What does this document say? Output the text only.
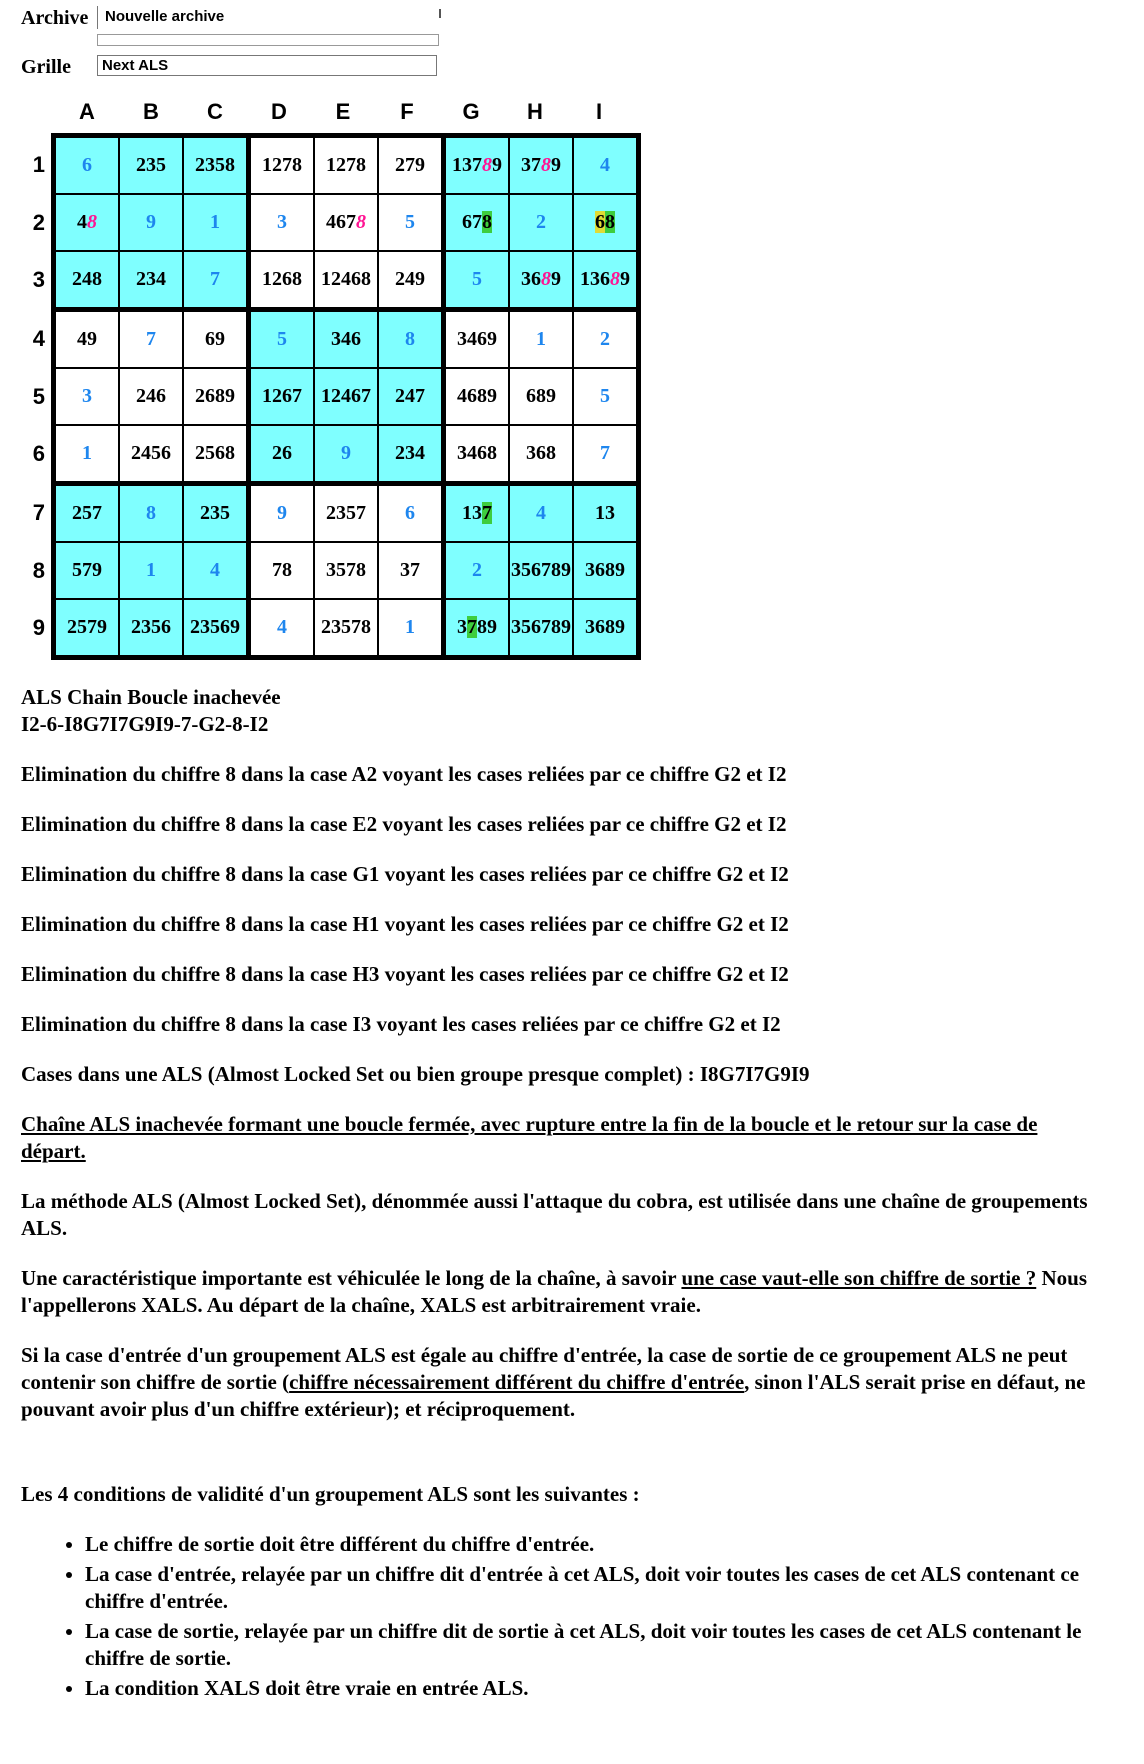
Archive	Nouvelle archive
Grille
Next ALS
A	B	C	D	E	F	G	H	I
1	6	235	2358	1278	1278	279	13789	3789	4
2	48	9	1	3	4678	5	678	2	68
3	248	234	7	1268	12468	249	5	3689	13689
4	49	7	69	5	346	8	3469	1	2
5	3	246	2689	1267	12467	247	4689	689	5
6	1	2456	2568	26	9	234	3468	368	7
7	257	8	235	9	2357	6	137	4	13
8	579	1	4	78	3578	37	2	356789	3689
9	2579	2356	23569	4	23578	1	3789	356789	3689
ALS Chain Boucle inachevée
I2-6-I8G7I7G9I9-7-G2-8-I2

Elimination du chiffre 8 dans la case A2 voyant les cases reliées par ce chiffre G2 et I2

Elimination du chiffre 8 dans la case E2 voyant les cases reliées par ce chiffre G2 et I2

Elimination du chiffre 8 dans la case G1 voyant les cases reliées par ce chiffre G2 et I2

Elimination du chiffre 8 dans la case H1 voyant les cases reliées par ce chiffre G2 et I2

Elimination du chiffre 8 dans la case H3 voyant les cases reliées par ce chiffre G2 et I2

Elimination du chiffre 8 dans la case I3 voyant les cases reliées par ce chiffre G2 et I2

Cases dans une ALS (Almost Locked Set ou bien groupe presque complet) : I8G7I7G9I9

Chaîne ALS inachevée formant une boucle fermée, avec rupture entre la fin de la boucle et le retour sur la case de départ.

La méthode ALS (Almost Locked Set), dénommée aussi l'attaque du cobra, est utilisée dans une chaîne de groupements ALS.

Une caractéristique importante est véhiculée le long de la chaîne, à savoir une case vaut-elle son chiffre de sortie ? Nous l'appellerons XALS. Au départ de la chaîne, XALS est arbitrairement vraie.

Si la case d'entrée d'un groupement ALS est égale au chiffre d'entrée, la case de sortie de ce groupement ALS ne peut contenir son chiffre de sortie (chiffre nécessairement différent du chiffre d'entrée, sinon l'ALS serait prise en défaut, ne pouvant avoir plus d'un chiffre extérieur); et réciproquement.

Les 4 conditions de validité d'un groupement ALS sont les suivantes :

• Le chiffre de sortie doit être différent du chiffre d'entrée.
• La case d'entrée, relayée par un chiffre dit d'entrée à cet ALS, doit voir toutes les cases de cet ALS contenant ce chiffre d'entrée.
• La case de sortie, relayée par un chiffre dit de sortie à cet ALS, doit voir toutes les cases de cet ALS contenant le chiffre de sortie.
• La condition XALS doit être vraie en entrée ALS.
